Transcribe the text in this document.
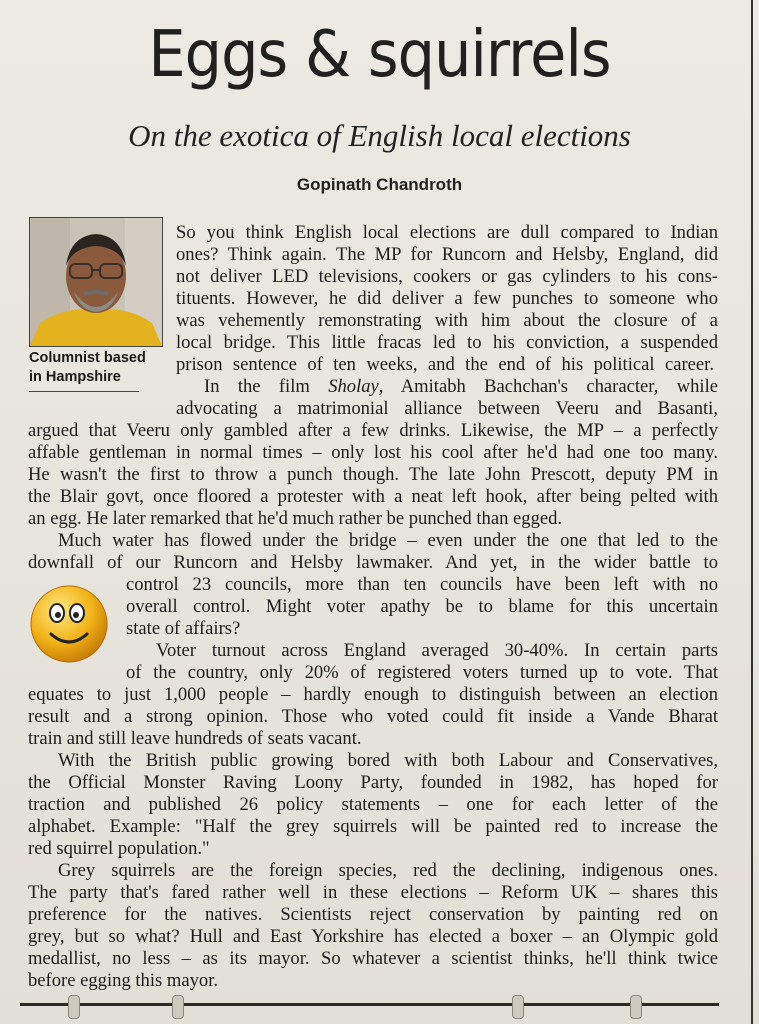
Eggs & squirrels
On the exotica of English local elections
Gopinath Chandroth
Columnist based
in Hampshire
So you think English local elections are dull compared to Indian
ones? Think again. The MP for Runcorn and Helsby, England, did
not deliver LED televisions, cookers or gas cylinders to his cons-
tituents. However, he did deliver a few punches to someone who
was vehemently remonstrating with him about the closure of a
local bridge. This little fracas led to his conviction, a suspended
prison sentence of ten weeks, and the end of his political career.
In the film Sholay, Amitabh Bachchan's character, while
advocating a matrimonial alliance between Veeru and Basanti,
argued that Veeru only gambled after a few drinks. Likewise, the MP – a perfectly
affable gentleman in normal times – only lost his cool after he'd had one too many.
He wasn't the first to throw a punch though. The late John Prescott, deputy PM in
the Blair govt, once floored a protester with a neat left hook, after being pelted with
an egg. He later remarked that he'd much rather be punched than egged.
Much water has flowed under the bridge – even under the one that led to the
downfall of our Runcorn and Helsby lawmaker. And yet, in the wider battle to
control 23 councils, more than ten councils have been left with no
overall control. Might voter apathy be to blame for this uncertain
state of affairs?
Voter turnout across England averaged 30-40%. In certain parts
of the country, only 20% of registered voters turned up to vote. That
equates to just 1,000 people – hardly enough to distinguish between an election
result and a strong opinion. Those who voted could fit inside a Vande Bharat
train and still leave hundreds of seats vacant.
With the British public growing bored with both Labour and Conservatives,
the Official Monster Raving Loony Party, founded in 1982, has hoped for
traction and published 26 policy statements – one for each letter of the
alphabet. Example: "Half the grey squirrels will be painted red to increase the
red squirrel population."
Grey squirrels are the foreign species, red the declining, indigenous ones.
The party that's fared rather well in these elections – Reform UK – shares this
preference for the natives. Scientists reject conservation by painting red on
grey, but so what? Hull and East Yorkshire has elected a boxer – an Olympic gold
medallist, no less – as its mayor. So whatever a scientist thinks, he'll think twice
before egging this mayor.
